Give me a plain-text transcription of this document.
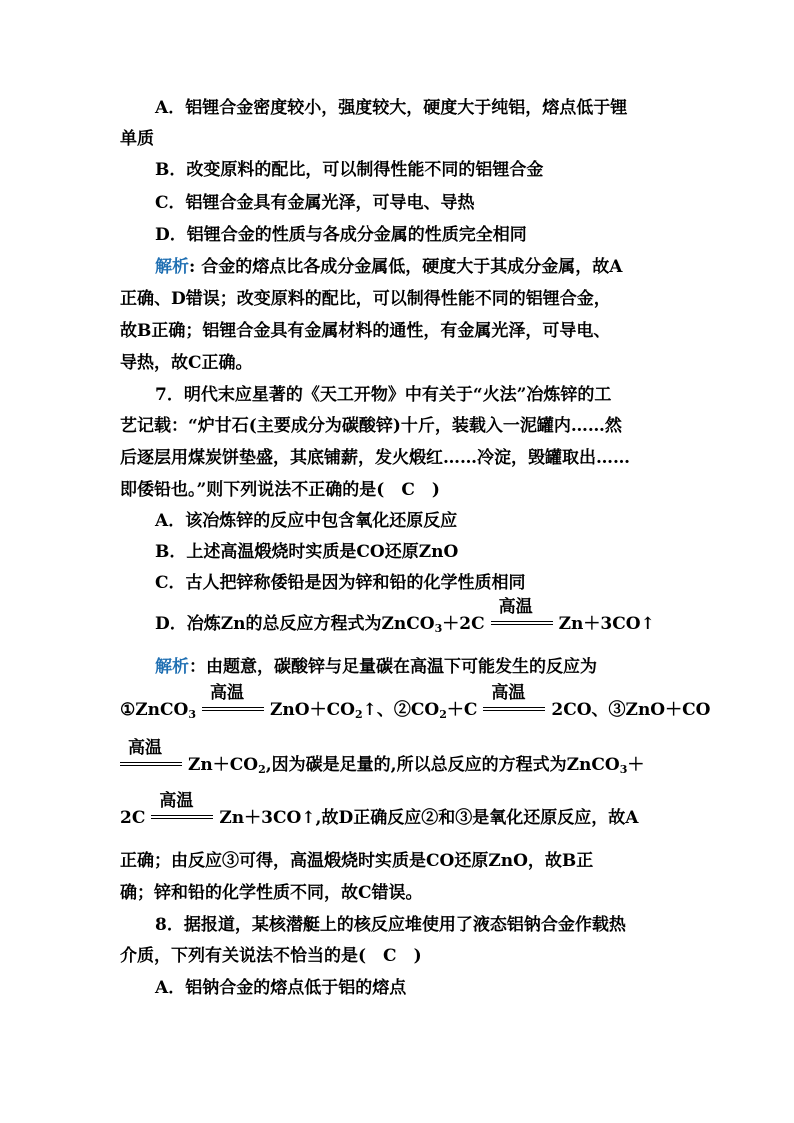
A．铝锂合金密度较小，强度较大，硬度大于纯铝，熔点低于锂
单质
B．改变原料的配比，可以制得性能不同的铝锂合金
C．铝锂合金具有金属光泽，可导电、导热
D．铝锂合金的性质与各成分金属的性质完全相同
解析: 合金的熔点比各成分金属低，硬度大于其成分金属，故A
正确、D错误；改变原料的配比，可以制得性能不同的铝锂合金，
故B正确；铝锂合金具有金属材料的通性，有金属光泽，可导电、
导热，故C正确。
7．明代末应星著的《天工开物》中有关于“火法”冶炼锌的工
艺记载：“炉甘石(主要成分为碳酸锌)十斤，装载入一泥罐内……然
后逐层用煤炭饼垫盛，其底铺薪，发火煅红……冷淀，毁罐取出……
即倭铅也。”则下列说法不正确的是(　C　)
A．该冶炼锌的反应中包含氧化还原反应
B．上述高温煅烧时实质是CO还原ZnO
C．古人把锌称倭铅是因为锌和铅的化学性质相同
D．冶炼Zn的总反应方程式为ZnCO$_3$＋2C
高温
Zn＋3CO↑
解析：由题意，碳酸锌与足量碳在高温下可能发生的反应为
①ZnCO$_3$
高温
$ZnO+CO_2↑$、$②CO_2+C$
高温
2CO、③ZnO＋CO
高温
$Zn+CO_2$,因为碳是足量的,所以总反应的方程式为ZnCO$_3$＋
2C
高温
Zn＋3CO↑,故D正确反应②和③是氧化还原反应，故A
正确；由反应③可得，高温煅烧时实质是CO还原ZnO，故B正
确；锌和铅的化学性质不同，故C错误。
8．据报道，某核潜艇上的核反应堆使用了液态铝钠合金作载热
介质，下列有关说法不恰当的是(　C　)
A．铝钠合金的熔点低于铝的熔点
